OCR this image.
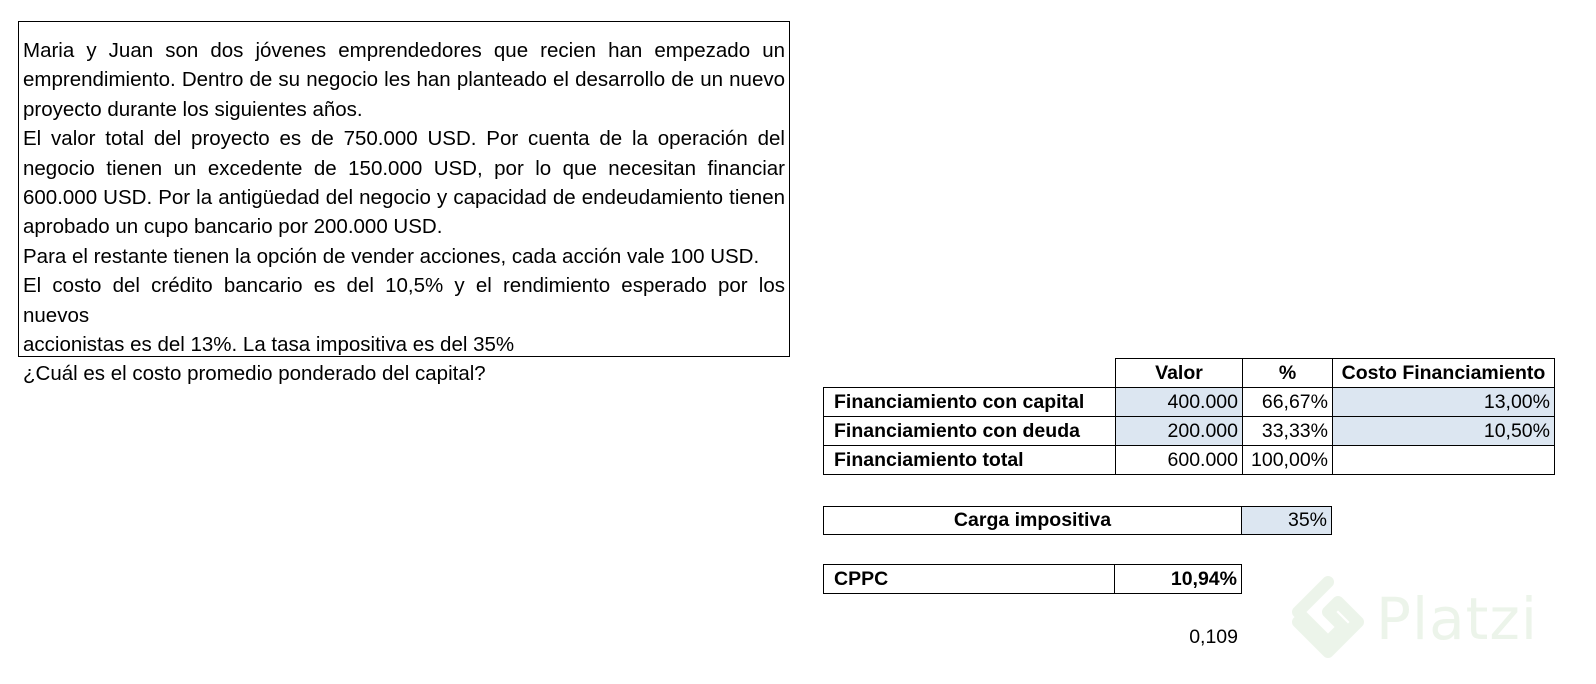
Maria y Juan son dos jóvenes emprendedores que recien han empezado un

emprendimiento. Dentro de su negocio les han planteado el desarrollo de un nuevo

proyecto durante los siguientes años.

El valor total del proyecto es de 750.000 USD. Por cuenta de la operación del

negocio tienen un excedente de 150.000 USD, por lo que necesitan financiar

600.000 USD. Por la antigüedad del negocio y capacidad de endeudamiento tienen

aprobado un cupo bancario por 200.000 USD.

Para el restante tienen la opción de vender acciones, cada acción vale 100 USD.

El costo del crédito bancario es del 10,5% y el rendimiento esperado por los nuevos

accionistas es del 13%. La tasa impositiva es del 35%

¿Cuál es el costo promedio ponderado del capital?

		Valor	%	Costo Financiamiento
Financiamiento con capital	400.000	66,67%	13,00%
Financiamiento con deuda	200.000	33,33%	10,50%
Financiamiento total	600.000	100,00%	
Carga impositiva	35%
CPPC	10,94%
0,109 Platzi
